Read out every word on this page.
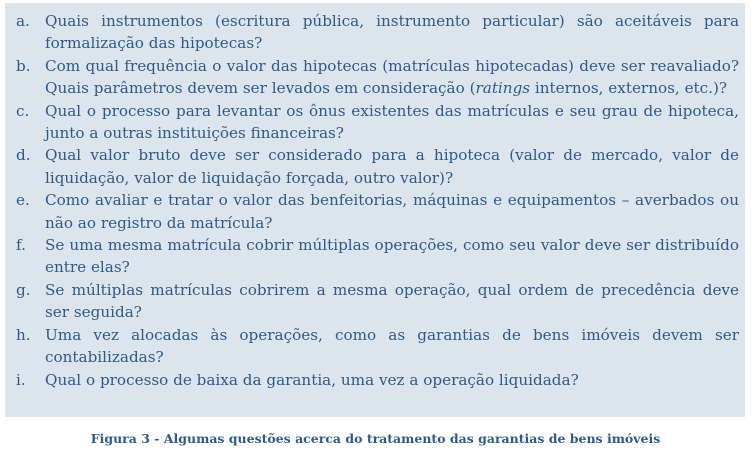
a. Quais instrumentos (escritura pública, instrumento particular) são aceitáveis para formalização das hipotecas?
b. Com qual frequência o valor das hipotecas (matrículas hipotecadas) deve ser reavaliado? Quais parâmetros devem ser levados em consideração (ratings internos, externos, etc.)?
c.	Qual o processo para levantar os ônus existentes das matrículas e seu grau de hipoteca, junto a outras instituições financeiras?
d. Qual valor bruto deve ser considerado para a hipoteca (valor de mercado, valor de liquidação, valor de liquidação forçada, outro valor)?
e. Como avaliar e tratar o valor das benfeitorias, máquinas e equipamentos – averbados ou não ao registro da matrícula?
f.	Se uma mesma matrícula cobrir múltiplas operações, como seu valor deve ser distribuído entre elas?
g. Se múltiplas matrículas cobrirem a mesma operação, qual ordem de precedência deve ser seguida?
h. Uma vez alocadas às operações, como as garantias de bens imóveis devem ser contabilizadas?
i.	Qual o processo de baixa da garantia, uma vez a operação liquidada?
Figura 3 - Algumas questões acerca do tratamento das garantias de bens imóveis
